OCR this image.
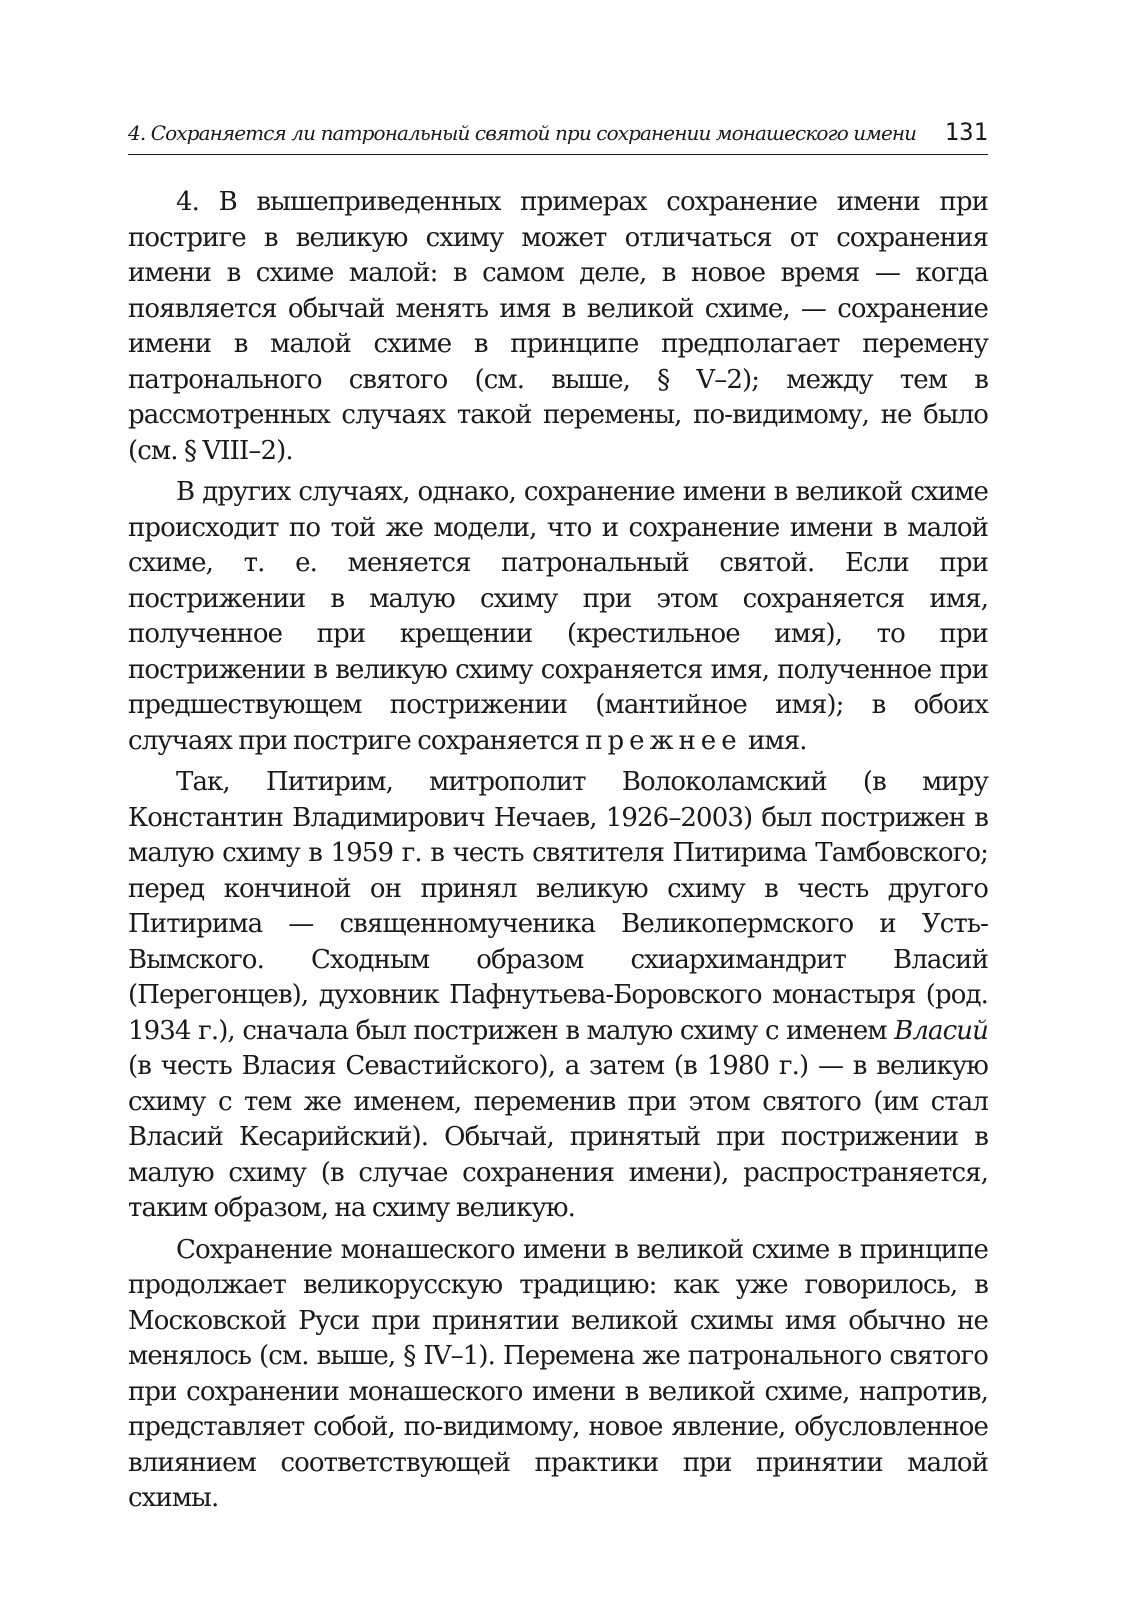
4. Сохраняется ли патрональный святой при сохранении монашеского имени	131

4. В вышеприведенных примерах сохранение имени при постриге в великую схиму может отличаться от сохранения имени в схиме малой: в самом деле, в новое время — когда появляется обычай менять имя в великой схиме, — сохранение имени в малой схиме в принципе предполагает перемену патронального святого (см. выше, § V–2); между тем в рассмотренных случаях такой перемены, по-видимому, не было (см. § VIII–2).

В других случаях, однако, сохранение имени в великой схиме происходит по той же модели, что и сохранение имени в малой схиме, т. е. меняется патрональный святой. Если при пострижении в малую схиму при этом сохраняется имя, полученное при крещении (крестильное имя), то при пострижении в великую схиму сохраняется имя, полученное при предшествующем пострижении (мантийное имя); в обоих случаях при постриге сохраняется прежнее имя.

Так, Питирим, митрополит Волоколамский (в миру Константин Владимирович Нечаев, 1926–2003) был пострижен в малую схиму в 1959 г. в честь святителя Питирима Тамбовского; перед кончиной он принял великую схиму в честь другого Питирима — священномученика Великопермского и Усть-Вымского. Сходным образом схиархимандрит Власий (Перегонцев), духовник Пафнутьева-Боровского монастыря (род. 1934 г.), сначала был пострижен в малую схиму с именем Власий (в честь Власия Севастийского), а затем (в 1980 г.) — в великую схиму с тем же именем, переменив при этом святого (им стал Власий Кесарийский). Обычай, принятый при пострижении в малую схиму (в случае сохранения имени), распространяется, таким образом, на схиму великую.

Сохранение монашеского имени в великой схиме в принципе продолжает великорусскую традицию: как уже говорилось, в Московской Руси при принятии великой схимы имя обычно не менялось (см. выше, § IV–1). Перемена же патронального святого при сохранении монашеского имени в великой схиме, напротив, представляет собой, по-видимому, новое явление, обусловленное влиянием соответствующей практики при принятии малой схимы.
